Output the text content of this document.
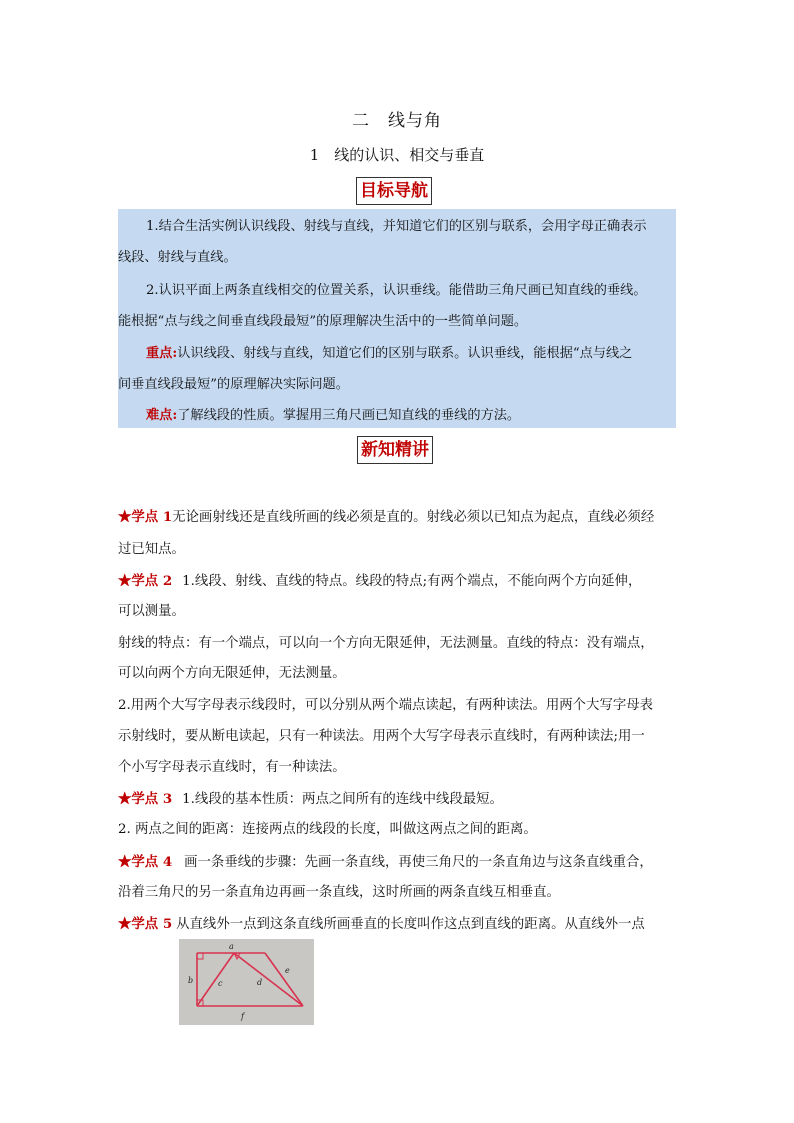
二　线与角
1　线的认识、相交与垂直
目标导航
1.结合生活实例认识线段、射线与直线，并知道它们的区别与联系，会用字母正确表示
线段、射线与直线。
2.认识平面上两条直线相交的位置关系，认识垂线。能借助三角尺画已知直线的垂线。
能根据“点与线之间垂直线段最短”的原理解决生活中的一些简单问题。
重点:认识线段、射线与直线，知道它们的区别与联系。认识垂线，能根据“点与线之
间垂直线段最短”的原理解决实际问题。
难点:了解线段的性质。掌握用三角尺画已知直线的垂线的方法。
新知精讲
★学点 1无论画射线还是直线所画的线必须是直的。射线必须以已知点为起点，直线必须经
过已知点。
★学点 2 1.线段、射线、直线的特点。线段的特点;有两个端点，不能向两个方向延伸，
可以测量。
射线的特点：有一个端点，可以向一个方向无限延伸，无法测量。直线的特点：没有端点，
可以向两个方向无限延伸，无法测量。
2.用两个大写字母表示线段时，可以分别从两个端点读起，有两种读法。用两个大写字母表
示射线时，要从断电读起，只有一种读法。用两个大写字母表示直线时，有两种读法;用一
个小写字母表示直线时，有一种读法。
★学点 3 1.线段的基本性质：两点之间所有的连线中线段最短。
2. 两点之间的距离：连接两点的线段的长度，叫做这两点之间的距离。
★学点 4 画一条垂线的步骤：先画一条直线，再使三角尺的一条直角边与这条直线重合，
沿着三角尺的另一条直角边再画一条直线，这时所画的两条直线互相垂直。
★学点 5 从直线外一点到这条直线所画垂直的长度叫作这点到直线的距离。从直线外一点
a
b	c	d
e
f
